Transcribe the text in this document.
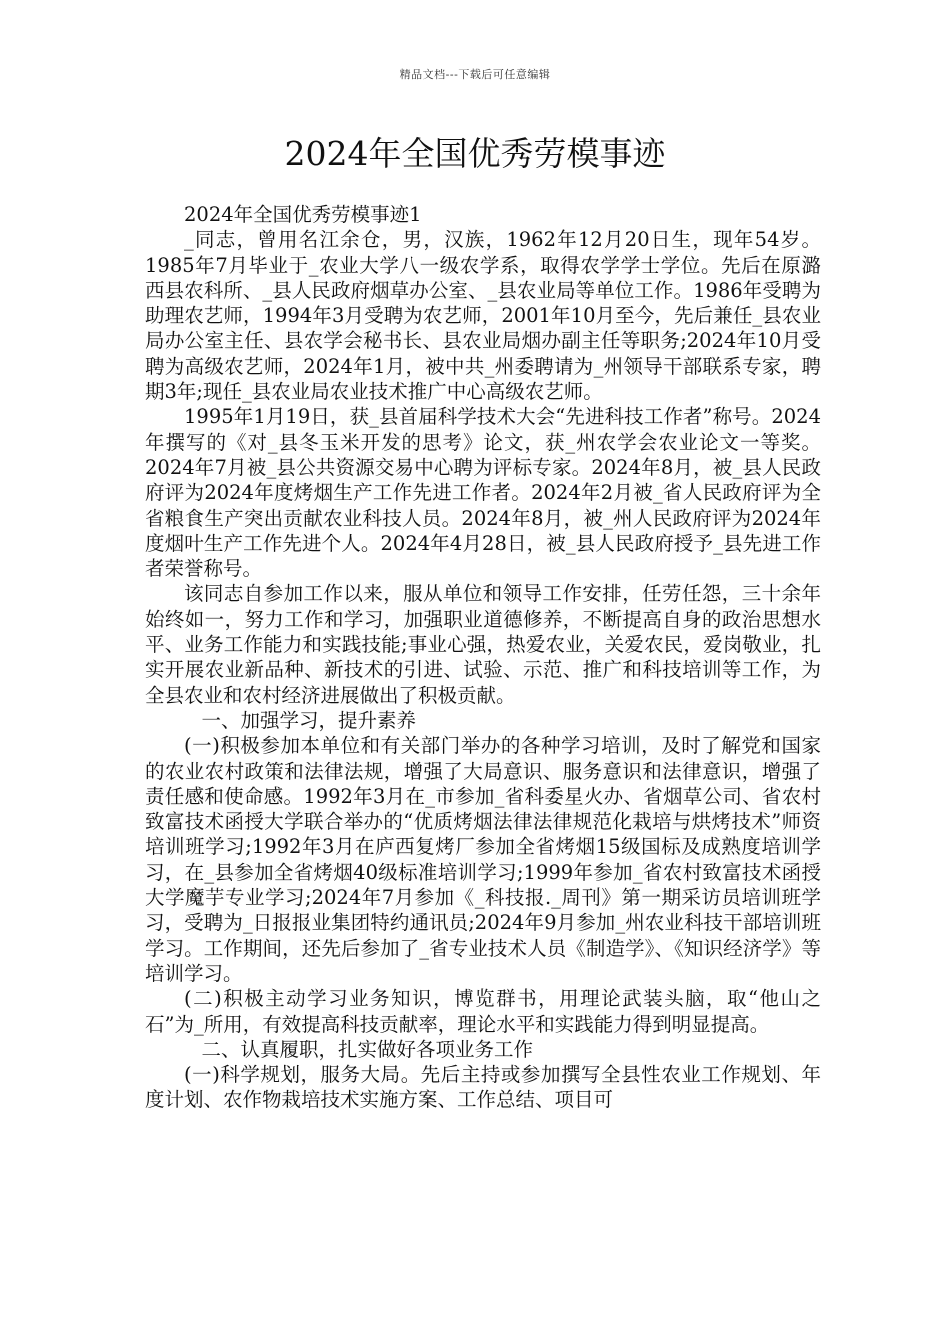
精品文档---下载后可任意编辑
2024年全国优秀劳模事迹

2024年全国优秀劳模事迹1

_同志，曾用名江余仓，男，汉族，1962年12月20日生，现年54岁。1985年7月毕业于_农业大学八一级农学系，取得农学学士学位。先后在原潞西县农科所、_县人民政府烟草办公室、_县农业局等单位工作。1986年受聘为助理农艺师，1994年3月受聘为农艺师，2001年10月至今，先后兼任_县农业局办公室主任、县农学会秘书长、县农业局烟办副主任等职务;2024年10月受聘为高级农艺师，2024年1月，被中共_州委聘请为_州领导干部联系专家，聘期3年;现任_县农业局农业技术推广中心高级农艺师。

1995年1月19日，获_县首届科学技术大会“先进科技工作者”称号。2024年撰写的《对_县冬玉米开发的思考》论文，获_州农学会农业论文一等奖。2024年7月被_县公共资源交易中心聘为评标专家。2024年8月，被_县人民政府评为2024年度烤烟生产工作先进工作者。2024年2月被_省人民政府评为全省粮食生产突出贡献农业科技人员。2024年8月，被_州人民政府评为2024年度烟叶生产工作先进个人。2024年4月28日，被_县人民政府授予_县先进工作者荣誉称号。

该同志自参加工作以来，服从单位和领导工作安排，任劳任怨，三十余年始终如一，努力工作和学习，加强职业道德修养，不断提高自身的政治思想水平、业务工作能力和实践技能;事业心强，热爱农业，关爱农民，爱岗敬业，扎实开展农业新品种、新技术的引进、试验、示范、推广和科技培训等工作，为全县农业和农村经济进展做出了积极贡献。

一、加强学习，提升素养

(一)积极参加本单位和有关部门举办的各种学习培训，及时了解党和国家的农业农村政策和法律法规，增强了大局意识、服务意识和法律意识，增强了责任感和使命感。1992年3月在_市参加_省科委星火办、省烟草公司、省农村致富技术函授大学联合举办的“优质烤烟法律法律规范化栽培与烘烤技术”师资培训班学习;1992年3月在庐西复烤厂参加全省烤烟15级国标及成熟度培训学习，在_县参加全省烤烟40级标准培训学习;1999年参加_省农村致富技术函授大学魔芋专业学习;2024年7月参加《_科技报._周刊》第一期采访员培训班学习，受聘为_日报报业集团特约通讯员;2024年9月参加_州农业科技干部培训班学习。工作期间，还先后参加了_省专业技术人员《制造学》、《知识经济学》等培训学习。

(二)积极主动学习业务知识，博览群书，用理论武装头脑，取“他山之石”为_所用，有效提高科技贡献率，理论水平和实践能力得到明显提高。

二、认真履职，扎实做好各项业务工作

(一)科学规划，服务大局。先后主持或参加撰写全县性农业工作规划、年度计划、农作物栽培技术实施方案、工作总结、项目可
